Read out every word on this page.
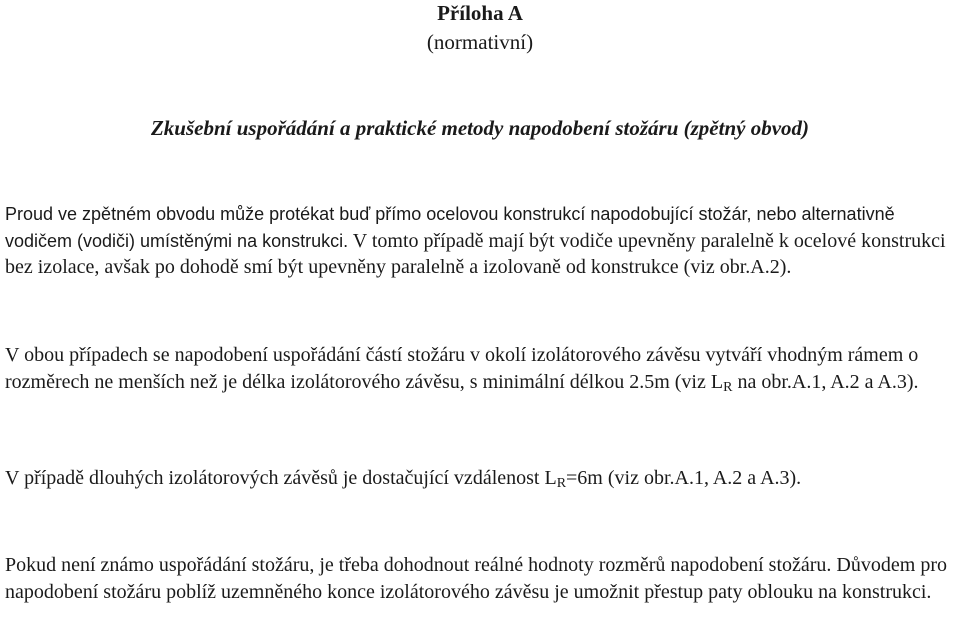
Příloha A
(normativní)
Zkušební uspořádání a praktické metody napodobení stožáru (zpětný obvod)

Proud ve zpětném obvodu může protékat buď přímo ocelovou konstrukcí napodobující stožár, nebo alternativně vodičem (vodiči) umístěnými na konstrukci. V tomto případě mají být vodiče upevněny paralelně k ocelové konstrukci bez izolace, avšak po dohodě smí být upevněny paralelně a izolovaně od konstrukce (viz obr.A.2).

V obou případech se napodobení uspořádání částí stožáru v okolí izolátorového závěsu vytváří vhodným rámem o rozměrech ne menších než je délka izolátorového závěsu, s minimální délkou 2.5m (viz $L_R$ na obr.A.1, A.2 a A.3).

V případě dlouhých izolátorových závěsů je dostačující vzdálenost $L_R=6m$ (viz obr.A.1, A.2 a A.3).

Pokud není známo uspořádání stožáru, je třeba dohodnout reálné hodnoty rozměrů napodobení stožáru. Důvodem pro napodobení stožáru poblíž uzemněného konce izolátorového závěsu je umožnit přestup paty oblouku na konstrukci.
